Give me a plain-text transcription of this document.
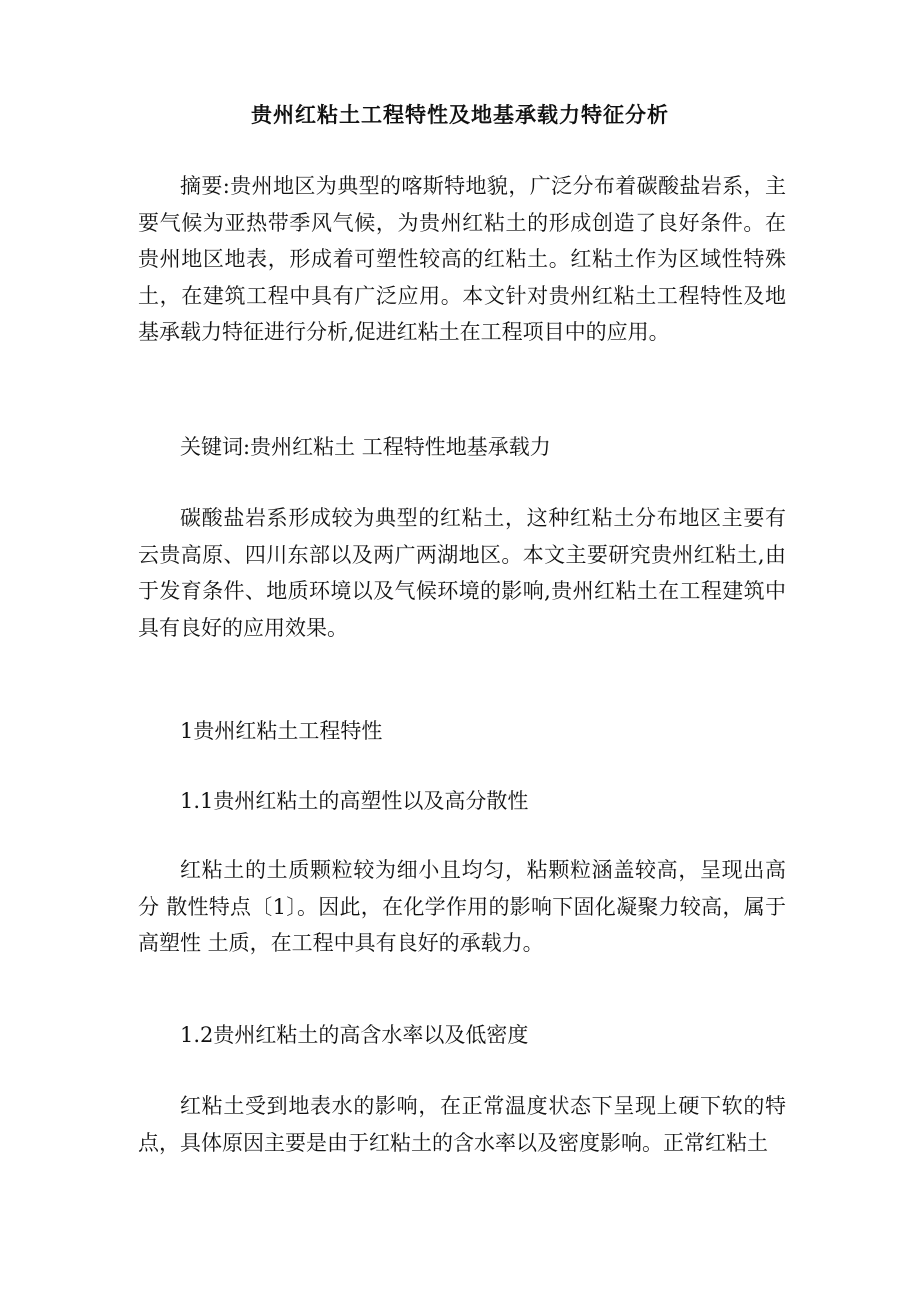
贵州红粘土工程特性及地基承载力特征分析

摘要:贵州地区为典型的喀斯特地貌，广泛分布着碳酸盐岩系，主要气候为亚热带季风气候，为贵州红粘土的形成创造了良好条件。在贵州地区地表，形成着可塑性较高的红粘土。红粘土作为区域性特殊土，在建筑工程中具有广泛应用。本文针对贵州红粘土工程特性及地基承载力特征进行分析,促进红粘土在工程项目中的应用。

关键词:贵州红粘土 工程特性地基承载力

碳酸盐岩系形成较为典型的红粘土，这种红粘土分布地区主要有云贵高原、四川东部以及两广两湖地区。本文主要研究贵州红粘土,由于发育条件、地质环境以及气候环境的影响,贵州红粘土在工程建筑中具有良好的应用效果。

1贵州红粘土工程特性

1.1贵州红粘土的高塑性以及高分散性

红粘土的土质颗粒较为细小且均匀，粘颗粒涵盖较高，呈现出高分 散性特点〔1〕。因此，在化学作用的影响下固化凝聚力较高，属于高塑性 土质，在工程中具有良好的承载力。

1.2贵州红粘土的高含水率以及低密度

红粘土受到地表水的影响，在正常温度状态下呈现上硬下软的特点，具体原因主要是由于红粘土的含水率以及密度影响。正常红粘土
